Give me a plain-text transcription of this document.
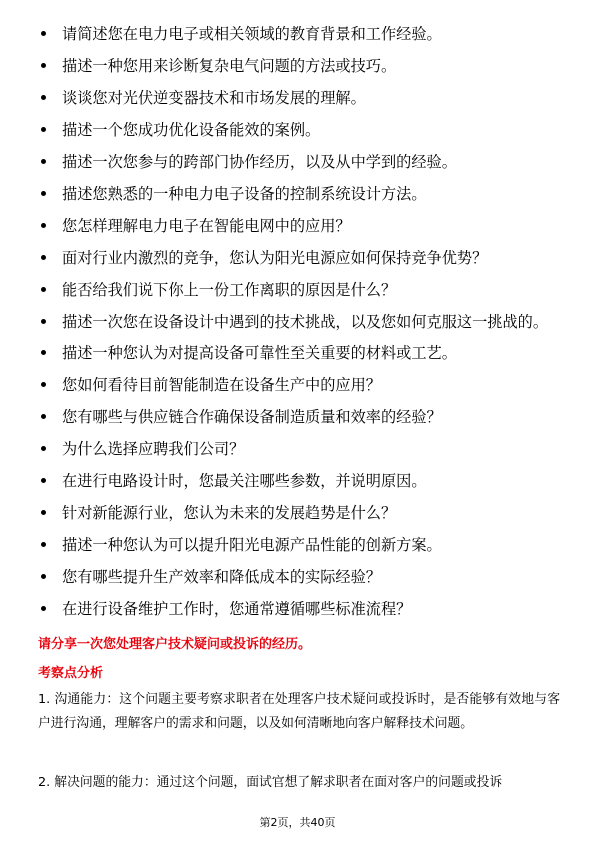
请简述您在电力电子或相关领域的教育背景和工作经验。
描述一种您用来诊断复杂电气问题的方法或技巧。
谈谈您对光伏逆变器技术和市场发展的理解。
描述一个您成功优化设备能效的案例。
描述一次您参与的跨部门协作经历，以及从中学到的经验。
描述您熟悉的一种电力电子设备的控制系统设计方法。
您怎样理解电力电子在智能电网中的应用？
面对行业内激烈的竞争，您认为阳光电源应如何保持竞争优势？
能否给我们说下你上一份工作离职的原因是什么？
描述一次您在设备设计中遇到的技术挑战，以及您如何克服这一挑战的。
描述一种您认为对提高设备可靠性至关重要的材料或工艺。
您如何看待目前智能制造在设备生产中的应用？
您有哪些与供应链合作确保设备制造质量和效率的经验？
为什么选择应聘我们公司？
在进行电路设计时，您最关注哪些参数，并说明原因。
针对新能源行业，您认为未来的发展趋势是什么？
描述一种您认为可以提升阳光电源产品性能的创新方案。
您有哪些提升生产效率和降低成本的实际经验？
在进行设备维护工作时，您通常遵循哪些标准流程？
请分享一次您处理客户技术疑问或投诉的经历。
考察点分析
1. 沟通能力：这个问题主要考察求职者在处理客户技术疑问或投诉时，是否能够有效地与客户进行沟通，理解客户的需求和问题，以及如何清晰地向客户解释技术问题。
2. 解决问题的能力：通过这个问题，面试官想了解求职者在面对客户的问题或投诉
第2页，共40页
